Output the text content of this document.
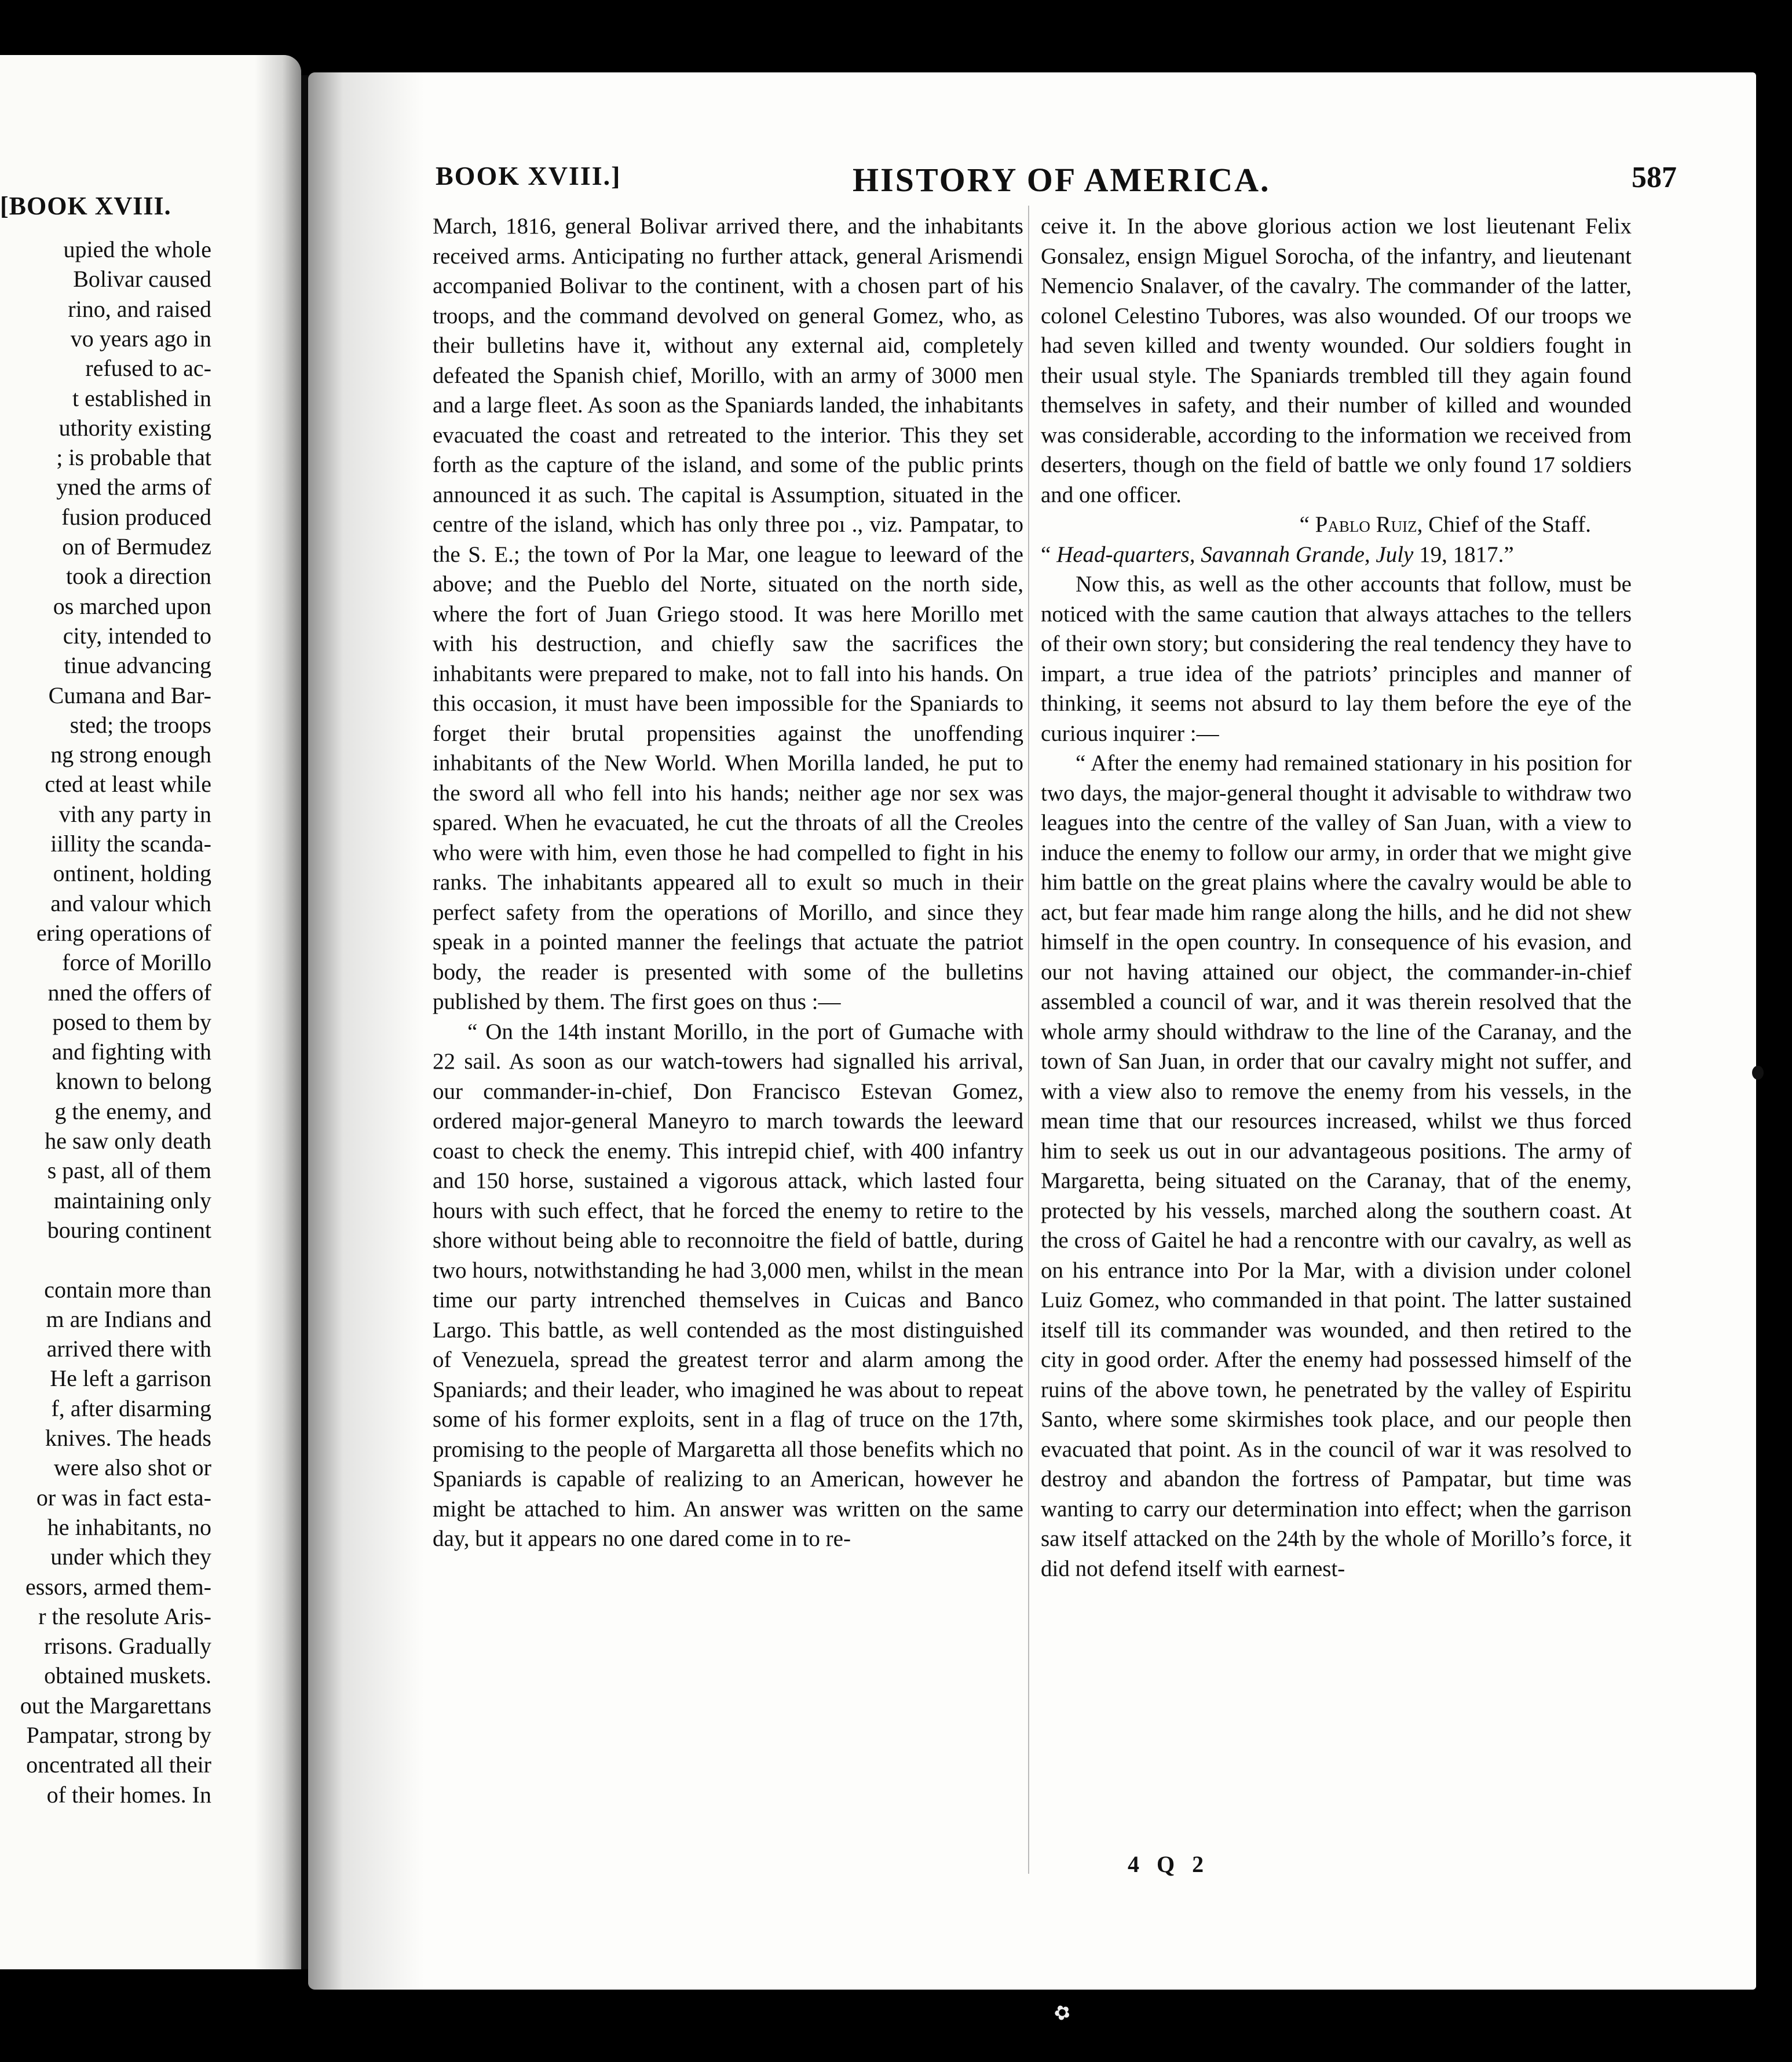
[BOOK XVIII.
upied the whole
Bolivar caused
rino, and raised
vo years ago in
refused to ac-
t established in
uthority existing
; is probable that
yned the arms of
fusion produced
on of Bermudez
took a direction
os marched upon
city, intended to
tinue advancing
Cumana and Bar-
sted; the troops
ng strong enough
cted at least while
vith any party in
iillity the scanda-
ontinent, holding
and valour which
ering operations of
force of Morillo
nned the offers of
posed to them by
and fighting with
known to belong
g the enemy, and
he saw only death
s past, all of them
maintaining only
bouring continent
contain more than
m are Indians and
arrived there with
He left a garrison
f, after disarming
knives. The heads
were also shot or
or was in fact esta-
he inhabitants, no
under which they
essors, armed them-
r the resolute Aris-
rrisons. Gradually
obtained muskets.
out the Margarettans
Pampatar, strong by
oncentrated all their
of their homes. In
BOOK XVIII.]	HISTORY OF AMERICA.	587

March, 1816, general Bolivar arrived there, and the inhabitants received arms. Anticipating no further attack, general Arismendi accompanied Bolivar to the continent, with a chosen part of his troops, and the command devolved on general Gomez, who, as their bulletins have it, without any external aid, completely defeated the Spanish chief, Morillo, with an army of 3000 men and a large fleet. As soon as the Spaniards landed, the inhabitants evacuated the coast and retreated to the interior. This they set forth as the capture of the island, and some of the public prints announced it as such. The capital is Assumption, situated in the centre of the island, which has only three poı ., viz. Pampatar, to the S. E.; the town of Por la Mar, one league to leeward of the above; and the Pueblo del Norte, situated on the north side, where the fort of Juan Griego stood. It was here Morillo met with his destruction, and chiefly saw the sacrifices the inhabitants were prepared to make, not to fall into his hands. On this occasion, it must have been impossible for the Spaniards to forget their brutal propensities against the unoffending inhabitants of the New World. When Morilla landed, he put to the sword all who fell into his hands; neither age nor sex was spared. When he evacuated, he cut the throats of all the Creoles who were with him, even those he had compelled to fight in his ranks. The inhabitants appeared all to exult so much in their perfect safety from the operations of Morillo, and since they speak in a pointed manner the feelings that actuate the patriot body, the reader is presented with some of the bulletins published by them. The first goes on thus :—

“ On the 14th instant Morillo, in the port of Gumache with 22 sail. As soon as our watch-towers had signalled his arrival, our commander-in-chief, Don Francisco Estevan Gomez, ordered major-general Maneyro to march towards the leeward coast to check the enemy. This intrepid chief, with 400 infantry and 150 horse, sustained a vigorous attack, which lasted four hours with such effect, that he forced the enemy to retire to the shore without being able to reconnoitre the field of battle, during two hours, notwithstanding he had 3,000 men, whilst in the mean time our party intrenched themselves in Cuicas and Banco Largo. This battle, as well contended as the most distinguished of Venezuela, spread the greatest terror and alarm among the Spaniards; and their leader, who imagined he was about to repeat some of his former exploits, sent in a flag of truce on the 17th, promising to the people of Margaretta all those benefits which no Spaniards is capable of realizing to an American, however he might be attached to him. An answer was written on the same day, but it appears no one dared come in to re-

ceive it. In the above glorious action we lost lieutenant Felix Gonsalez, ensign Miguel Sorocha, of the infantry, and lieutenant Nemencio Snalaver, of the cavalry. The commander of the latter, colonel Celestino Tubores, was also wounded. Of our troops we had seven killed and twenty wounded. Our soldiers fought in their usual style. The Spaniards trembled till they again found themselves in safety, and their number of killed and wounded was considerable, according to the information we received from deserters, though on the field of battle we only found 17 soldiers and one officer.

“ Pablo Ruiz, Chief of the Staff.

“ Head-quarters, Savannah Grande, July 19, 1817.”

Now this, as well as the other accounts that follow, must be noticed with the same caution that always attaches to the tellers of their own story; but considering the real tendency they have to impart, a true idea of the patriots’ principles and manner of thinking, it seems not absurd to lay them before the eye of the curious inquirer :—

“ After the enemy had remained stationary in his position for two days, the major-general thought it advisable to withdraw two leagues into the centre of the valley of San Juan, with a view to induce the enemy to follow our army, in order that we might give him battle on the great plains where the cavalry would be able to act, but fear made him range along the hills, and he did not shew himself in the open country. In consequence of his evasion, and our not having attained our object, the commander-in-chief assembled a council of war, and it was therein resolved that the whole army should withdraw to the line of the Caranay, and the town of San Juan, in order that our cavalry might not suffer, and with a view also to remove the enemy from his vessels, in the mean time that our resources increased, whilst we thus forced him to seek us out in our advantageous positions. The army of Margaretta, being situated on the Caranay, that of the enemy, protected by his vessels, marched along the southern coast. At the cross of Gaitel he had a rencontre with our cavalry, as well as on his entrance into Por la Mar, with a division under colonel Luiz Gomez, who commanded in that point. The latter sustained itself till its commander was wounded, and then retired to the city in good order. After the enemy had possessed himself of the ruins of the above town, he penetrated by the valley of Espiritu Santo, where some skirmishes took place, and our people then evacuated that point. As in the council of war it was resolved to destroy and abandon the fortress of Pampatar, but time was wanting to carry our determination into effect; when the garrison saw itself attacked on the 24th by the whole of Morillo’s force, it did not defend itself with earnest-

4 Q 2
✿
